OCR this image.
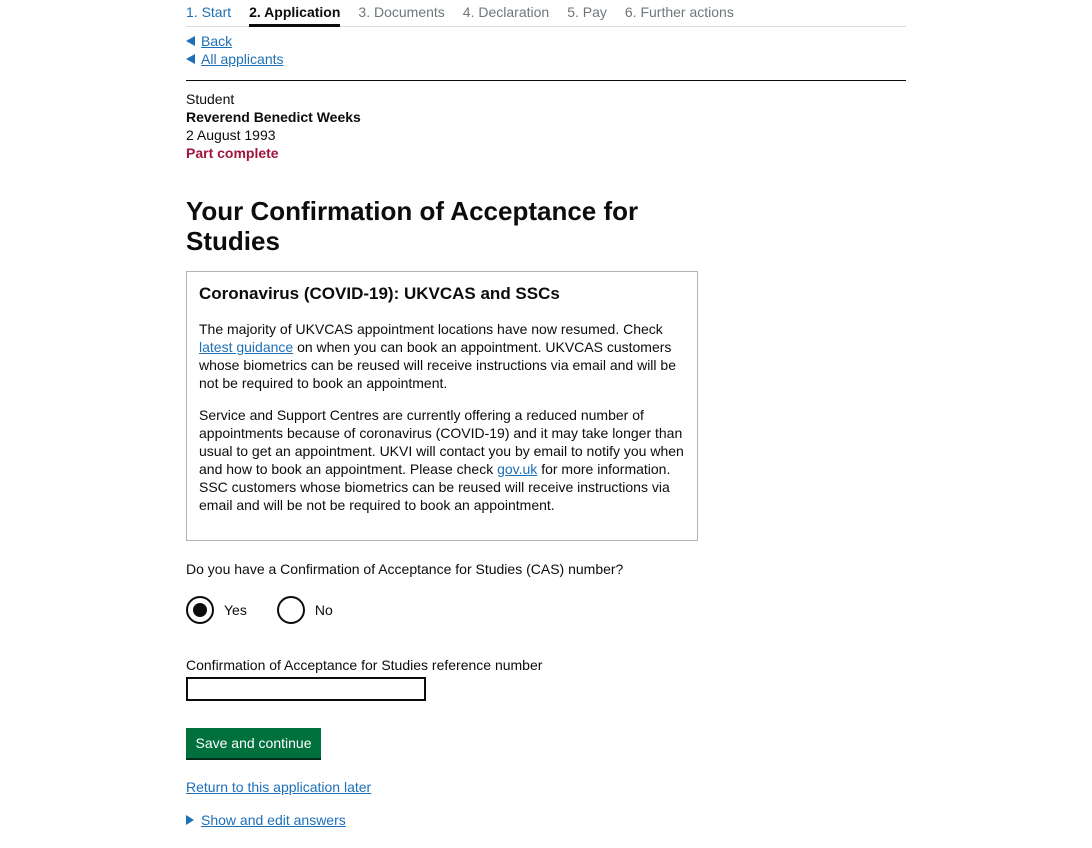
1. Start 2. Application 3. Documents 4. Declaration 5. Pay 6. Further actions
Back
All applicants
Student
Reverend Benedict Weeks
2 August 1993
Part complete
Your Confirmation of Acceptance for Studies
Coronavirus (COVID-19): UKVCAS and SSCs

The majority of UKVCAS appointment locations have now resumed. Check latest guidance on when you can book an appointment. UKVCAS customers whose biometrics can be reused will receive instructions via email and will be not be required to book an appointment.

Service and Support Centres are currently offering a reduced number of appointments because of coronavirus (COVID-19) and it may take longer than usual to get an appointment. UKVI will contact you by email to notify you when and how to book an appointment. Please check gov.uk for more information. SSC customers whose biometrics can be reused will receive instructions via email and will be not be required to book an appointment.

Do you have a Confirmation of Acceptance for Studies (CAS) number?
Yes	No
Confirmation of Acceptance for Studies reference number
Save and continue
Return to this application later
Show and edit answers
